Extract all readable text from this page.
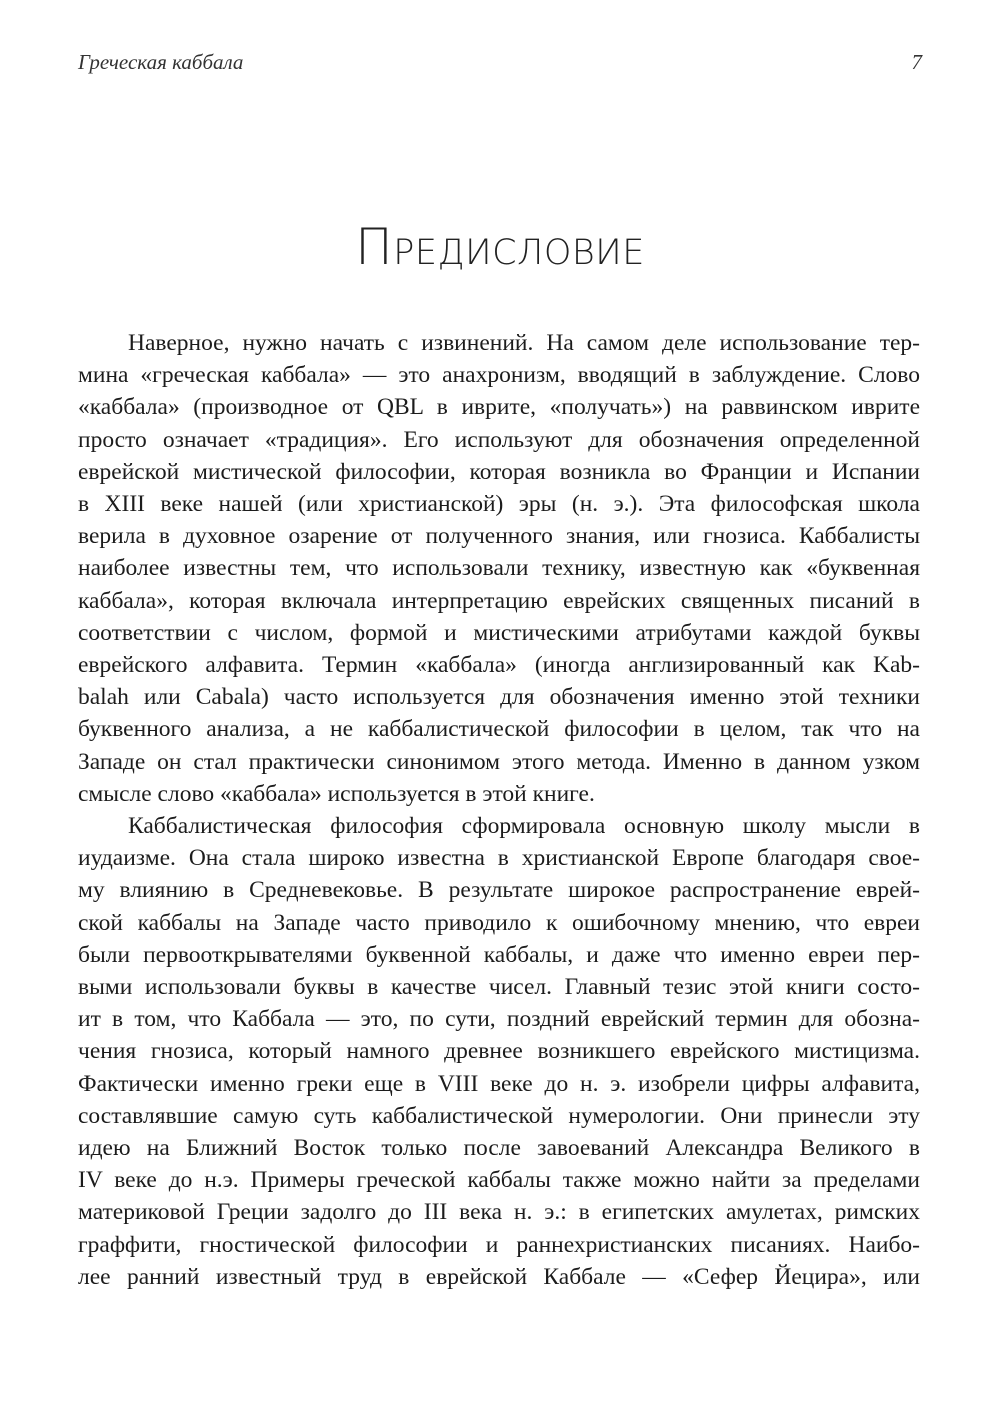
Греческая каббала	7
Предисловие

Наверное, нужно начать с извинений. На самом деле использование тер-
мина «греческая каббала» — это анахронизм, вводящий в заблуждение. Слово
«каббала» (производное от QBL в иврите, «получать») на раввинском иврите
просто означает «традиция». Его используют для обозначения определенной
еврейской мистической философии, которая возникла во Франции и Испании
в XIII веке нашей (или христианской) эры (н. э.). Эта философская школа
верила в духовное озарение от полученного знания, или гнозиса. Каббалисты
наиболее известны тем, что использовали технику, известную как «буквенная
каббала», которая включала интерпретацию еврейских священных писаний в
соответствии с числом, формой и мистическими атрибутами каждой буквы
еврейского алфавита. Термин «каббала» (иногда англизированный как Kab-
balah или Cabala) часто используется для обозначения именно этой техники
буквенного анализа, а не каббалистической философии в целом, так что на
Западе он стал практически синонимом этого метода. Именно в данном узком
смысле слово «каббала» используется в этой книге.

Каббалистическая философия сформировала основную школу мысли в
иудаизме. Она стала широко известна в христианской Европе благодаря свое-
му влиянию в Средневековье. В результате широкое распространение еврей-
ской каббалы на Западе часто приводило к ошибочному мнению, что евреи
были первооткрывателями буквенной каббалы, и даже что именно евреи пер-
выми использовали буквы в качестве чисел. Главный тезис этой книги состо-
ит в том, что Каббала — это, по сути, поздний еврейский термин для обозна-
чения гнозиса, который намного древнее возникшего еврейского мистицизма.
Фактически именно греки еще в VIII веке до н. э. изобрели цифры алфавита,
составлявшие самую суть каббалистической нумерологии. Они принесли эту
идею на Ближний Восток только после завоеваний Александра Великого в
IV веке до н.э. Примеры греческой каббалы также можно найти за пределами
материковой Греции задолго до III века н. э.: в египетских амулетах, римских
граффити, гностической философии и раннехристианских писаниях. Наибо-
лее ранний известный труд в еврейской Каббале — «Сефер Йецира», или
